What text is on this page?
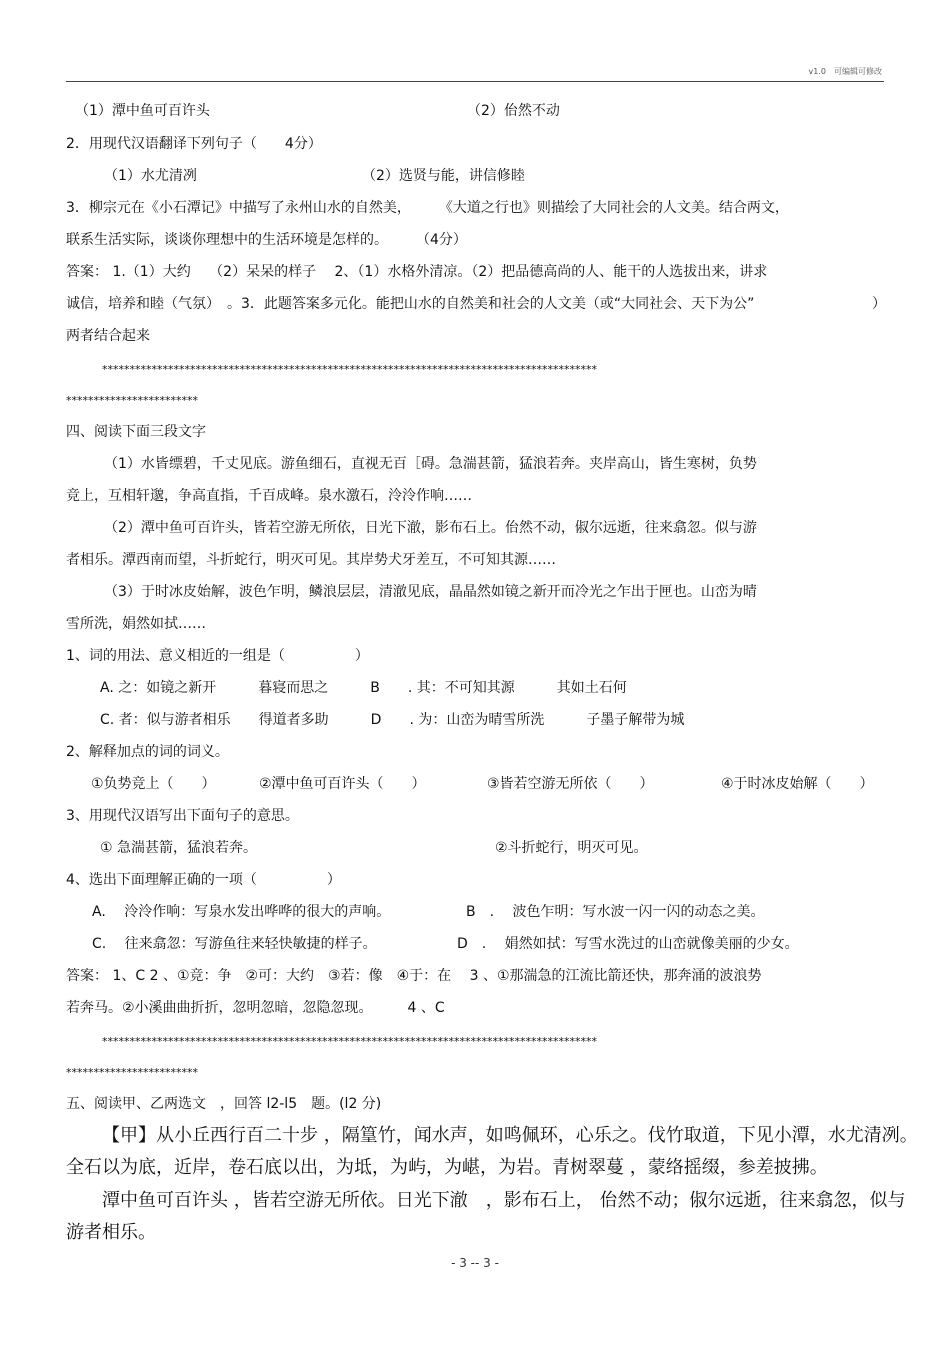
v1.0　可编辑可修改
（1）潭中鱼可百许头	（2）佁然不动
2．用现代汉语翻译下列句子（　　4分）
（1）水尤清冽	（2）选贤与能，讲信修睦
3．柳宗元在《小石潭记》中描写了永州山水的自然美，　　　《大道之行也》则描绘了大同社会的人文美。结合两文，
联系生活实际，谈谈你理想中的生活环境是怎样的。　　　（4分）
答案： 1.（1）大约　 （2）呆呆的样子　 2、（1）水格外清凉。（2）把品德高尚的人、能干的人选拔出来，讲求
诚信，培养和睦（气氛）　。3．此题答案多元化。能把山水的自然美和社会的人文美（或“大同社会、天下为公”	）
两者结合起来
******************************************************************************************
************************
四、阅读下面三段文字
（1）水皆缥碧，千丈见底。游鱼细石，直视无百［碍。急湍甚箭，猛浪若奔。夹岸高山，皆生寒树，负势
竞上，互相轩邈，争高直指，千百成峰。泉水激石，泠泠作响……
（2）潭中鱼可百许头，皆若空游无所依，日光下澈，影布石上。佁然不动，俶尔远逝，往来翕忽。似与游
者相乐。潭西南而望，斗折蛇行，明灭可见。其岸势犬牙差互，不可知其源……
（3）于时冰皮始解，波色乍明，鳞浪层层，清澈见底，晶晶然如镜之新开而冷光之乍出于匣也。山峦为晴
雪所洗，娟然如拭……
1、词的用法、意义相近的一组是（　　　　　）
A. 之：如镜之新开　　　暮寝而思之　　　B　　. 其：不可知其源　　　其如土石何
C. 者：似与游者相乐　　得道者多助　　　D　　. 为：山峦为晴雪所洗　　　子墨子解带为城
2、解释加点的词的词义。
①负势竞上（　　）	②潭中鱼可百许头（　　）	③皆若空游无所依（　　）	④于时冰皮始解（　　）
3、用现代汉语写出下面句子的意思。
① 急湍甚箭，猛浪若奔。	②斗折蛇行，明灭可见。
4、选出下面理解正确的一项（　　　　　）
A.　 泠泠作响：写泉水发出哗哗的很大的声响。	B　.　 波色乍明：写水波一闪一闪的动态之美。
C.　 往来翕忽：写游鱼往来轻快敏捷的样子。	D　.　 娟然如拭：写雪水洗过的山峦就像美丽的少女。
答案： 1、C 2 、①竞：争　②可：大约　③若：像　④于：在　 3 、①那湍急的江流比箭还快，那奔涌的波浪势
若奔马。②小溪曲曲折折，忽明忽暗，忽隐忽现。　　　4 、C
******************************************************************************************
************************
五、阅读甲、乙两选文　，回答 l2-l5　题。(l2 分)
【甲】从小丘西行百二十步 ，隔篁竹，闻水声，如鸣佩环，心乐之。伐竹取道，下见小潭，水尤清冽。
全石以为底，近岸，卷石底以出，为坻，为屿，为嵁，为岩。青树翠蔓 ，蒙络摇缀，参差披拂。
潭中鱼可百许头 ，皆若空游无所依。日光下澈　，影布石上， 佁然不动；俶尔远逝，往来翕忽，似与
游者相乐。
- 3 -- 3 -
